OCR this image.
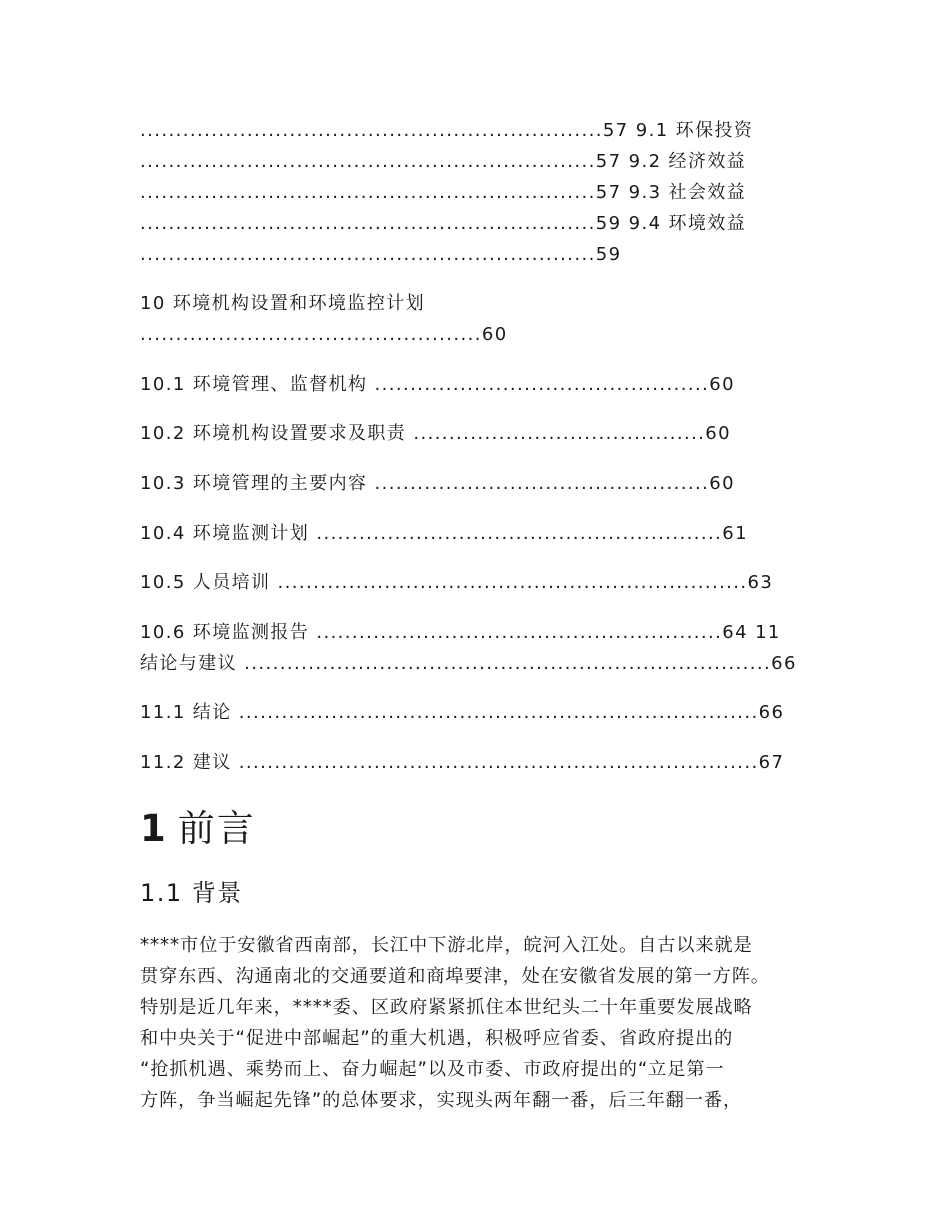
.................................................................57 9.1 环保投资
................................................................57 9.2 经济效益
................................................................57 9.3 社会效益
................................................................59 9.4 环境效益
................................................................59
10 环境机构设置和环境监控计划
................................................60
10.1 环境管理、监督机构 ...............................................60
10.2 环境机构设置要求及职责 .........................................60
10.3 环境管理的主要内容 ...............................................60
10.4 环境监测计划 .........................................................61
10.5 人员培训 ..................................................................63
10.6 环境监测报告 .........................................................64 11
结论与建议 ..........................................................................66
11.1 结论 .........................................................................66
11.2 建议 .........................................................................67
1 前言
1.1 背景
****市位于安徽省西南部，长江中下游北岸，皖河入江处。自古以来就是
贯穿东西、沟通南北的交通要道和商埠要津，处在安徽省发展的第一方阵。
特别是近几年来，****委、区政府紧紧抓住本世纪头二十年重要发展战略
和中央关于“促进中部崛起”的重大机遇，积极呼应省委、省政府提出的
“抢抓机遇、乘势而上、奋力崛起”以及市委、市政府提出的“立足第一
方阵，争当崛起先锋”的总体要求，实现头两年翻一番，后三年翻一番，
